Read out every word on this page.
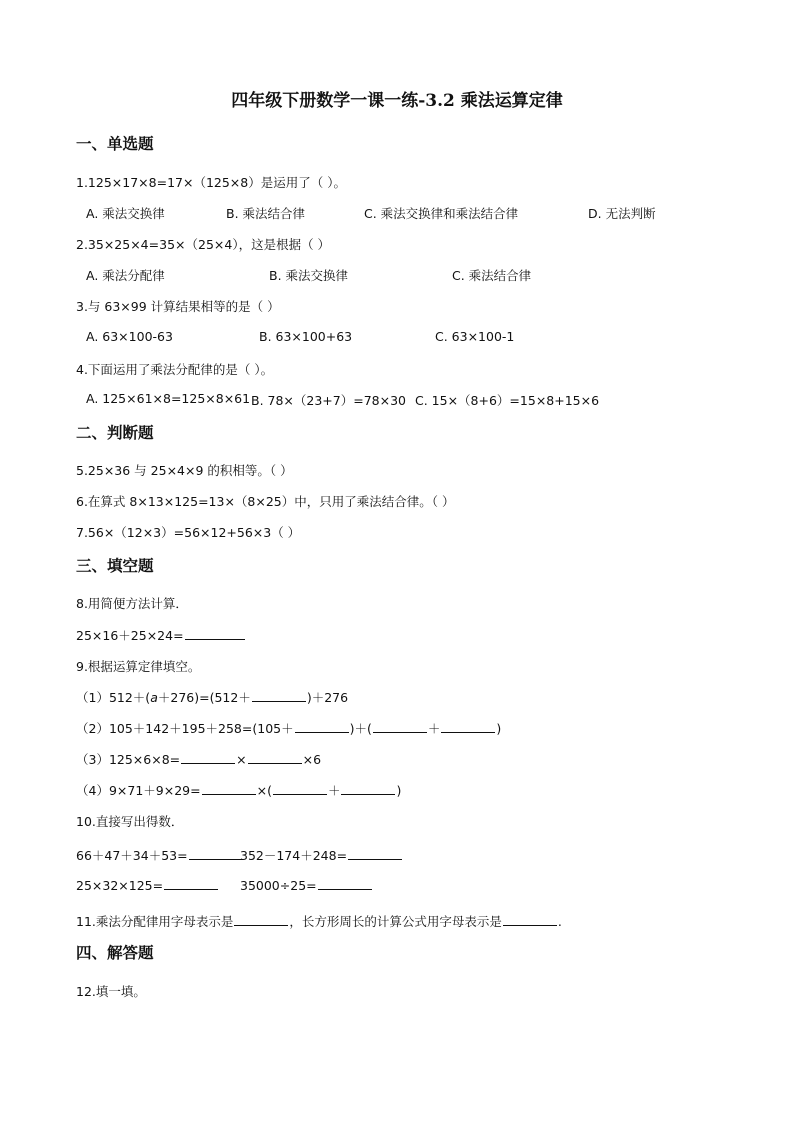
四年级下册数学一课一练-3.2 乘法运算定律
一、单选题
1.125×17×8=17×（125×8）是运用了（ ）。
A. 乘法交换律	B. 乘法结合律	C. 乘法交换律和乘法结合律	D. 无法判断
2.35×25×4=35×（25×4），这是根据（ ）
A. 乘法分配律	B. 乘法交换律	C. 乘法结合律
3.与 63×99 计算结果相等的是（ ）
A. 63×100-63	B. 63×100+63	C. 63×100-1
4.下面运用了乘法分配律的是（ ）。
A. 125×61×8=125×8×61 B. 78×（23+7）=78×30 C. 15×（8+6）=15×8+15×6
二、判断题
5.25×36 与 25×4×9 的积相等。（ ）
6.在算式 8×13×125=13×（8×25）中，只用了乘法结合律。（ ）
7.56×（12×3）=56×12+56×3（ ）
三、填空题
8.用简便方法计算．
25×16＋25×24=
9.根据运算定律填空。
（1）512＋(a＋276)=(512＋	)＋276
（2）105＋142＋195＋258=(105＋	)＋(	＋	)
（3）125×6×8=	×	×6
（4）9×71＋9×29=	×(	＋	)
10.直接写出得数．
66＋47＋34＋53=	352－174＋248=
25×32×125=	35000÷25=
11.乘法分配律用字母表示是	，长方形周长的计算公式用字母表示是	.
四、解答题
12.填一填。
